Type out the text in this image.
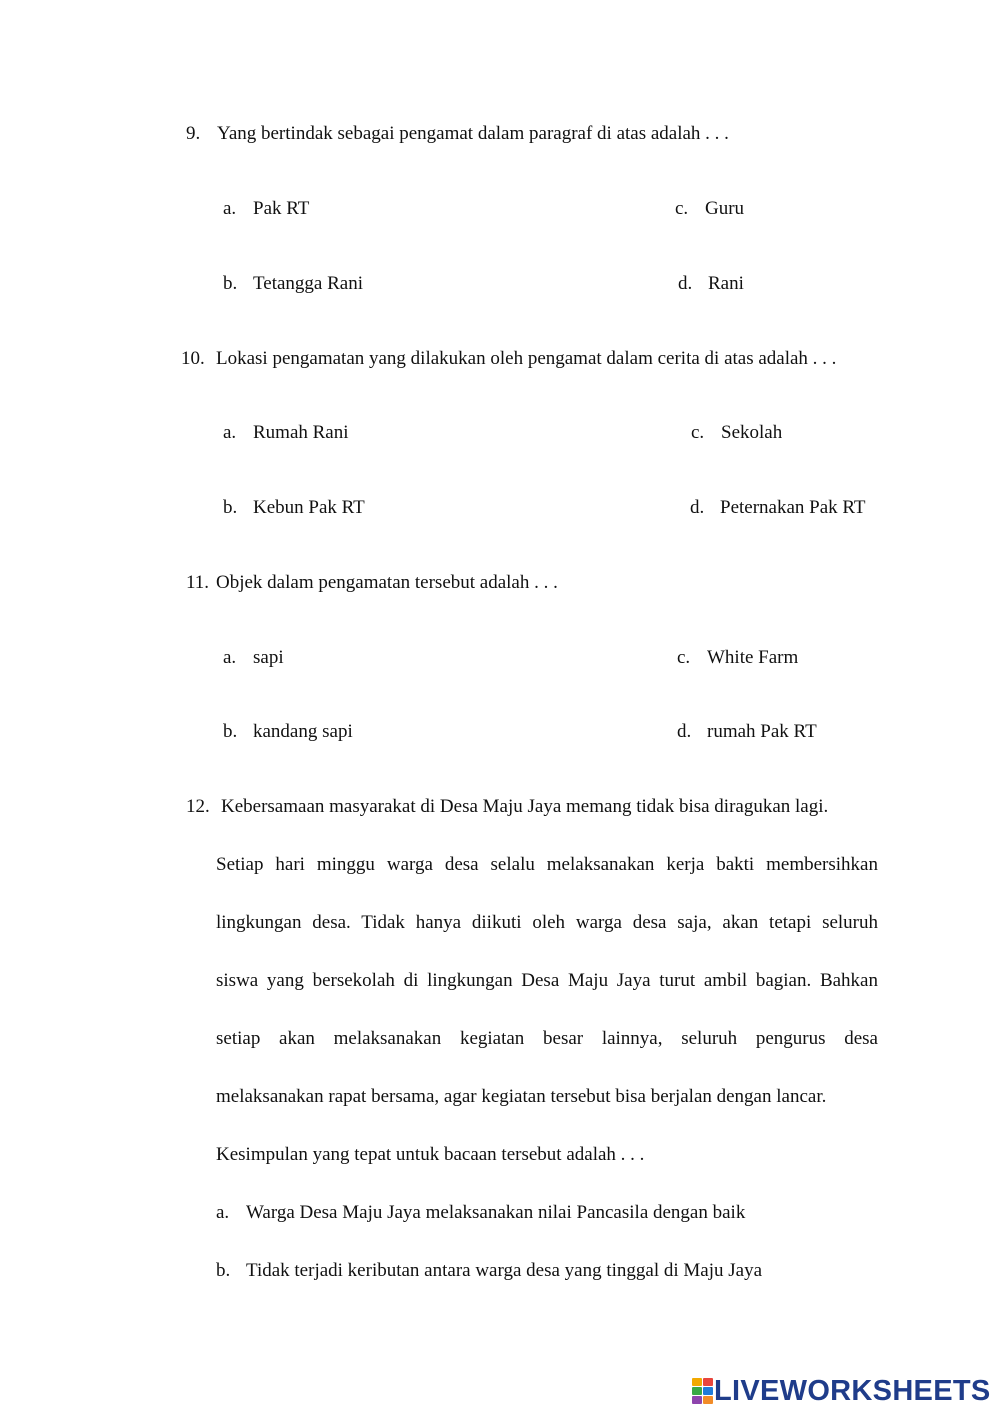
9. Yang bertindak sebagai pengamat dalam paragraf di atas adalah . . .
a. Pak RT
b. Tetangga Rani
c. Guru
d. Rani
10. Lokasi pengamatan yang dilakukan oleh pengamat dalam cerita di atas adalah . . .
a. Rumah Rani
b. Kebun Pak RT
c. Sekolah
d. Peternakan Pak RT
11. Objek dalam pengamatan tersebut adalah . . .
a. sapi
b. kandang sapi
c. White Farm
d. rumah Pak RT
12. Kebersamaan masyarakat di Desa Maju Jaya memang tidak bisa diragukan lagi.
Setiap hari minggu warga desa selalu melaksanakan kerja bakti membersihkan
lingkungan desa. Tidak hanya diikuti oleh warga desa saja, akan tetapi seluruh
siswa yang bersekolah di lingkungan Desa Maju Jaya turut ambil bagian. Bahkan
setiap akan melaksanakan kegiatan besar lainnya, seluruh pengurus desa
melaksanakan rapat bersama, agar kegiatan tersebut bisa berjalan dengan lancar.
Kesimpulan yang tepat untuk bacaan tersebut adalah . . .
a. Warga Desa Maju Jaya melaksanakan nilai Pancasila dengan baik
b. Tidak terjadi keributan antara warga desa yang tinggal di Maju Jaya
LIVEWORKSHEETS
